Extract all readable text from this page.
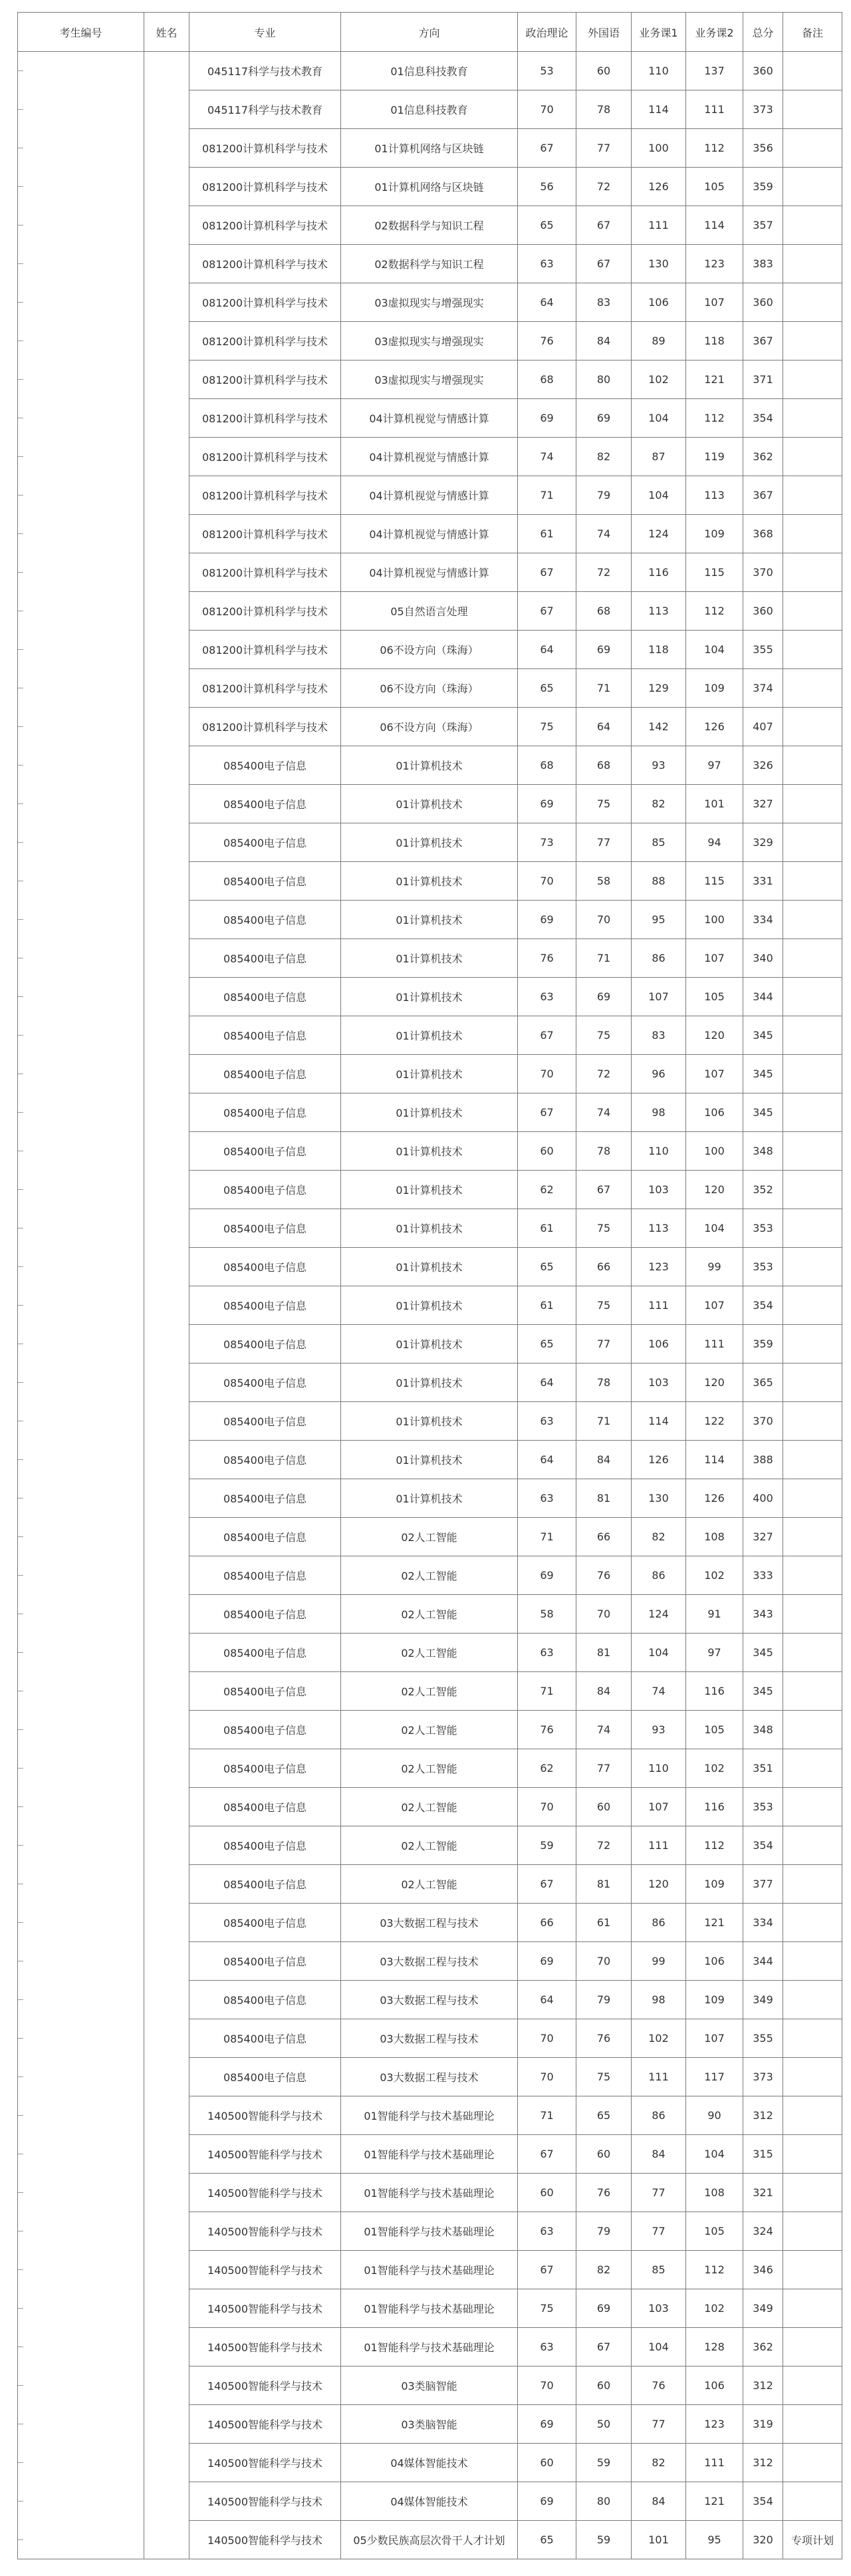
考生编号	姓名	专业	方向	政治理论	外国语	业务课1	业务课2	总分	备注

		045117科学与技术教育	01信息科技教育	53	60	110	137	360	

		045117科学与技术教育	01信息科技教育	70	78	114	111	373	

		081200计算机科学与技术	01计算机网络与区块链	67	77	100	112	356	

		081200计算机科学与技术	01计算机网络与区块链	56	72	126	105	359	

		081200计算机科学与技术	02数据科学与知识工程	65	67	111	114	357	

		081200计算机科学与技术	02数据科学与知识工程	63	67	130	123	383	

		081200计算机科学与技术	03虚拟现实与增强现实	64	83	106	107	360	

		081200计算机科学与技术	03虚拟现实与增强现实	76	84	89	118	367	

		081200计算机科学与技术	03虚拟现实与增强现实	68	80	102	121	371	

		081200计算机科学与技术	04计算机视觉与情感计算	69	69	104	112	354	

		081200计算机科学与技术	04计算机视觉与情感计算	74	82	87	119	362	

		081200计算机科学与技术	04计算机视觉与情感计算	71	79	104	113	367	

		081200计算机科学与技术	04计算机视觉与情感计算	61	74	124	109	368	

		081200计算机科学与技术	04计算机视觉与情感计算	67	72	116	115	370	

		081200计算机科学与技术	05自然语言处理	67	68	113	112	360	

		081200计算机科学与技术	06不设方向（珠海）	64	69	118	104	355	

		081200计算机科学与技术	06不设方向（珠海）	65	71	129	109	374	

		081200计算机科学与技术	06不设方向（珠海）	75	64	142	126	407	

		085400电子信息	01计算机技术	68	68	93	97	326	

		085400电子信息	01计算机技术	69	75	82	101	327	

		085400电子信息	01计算机技术	73	77	85	94	329	

		085400电子信息	01计算机技术	70	58	88	115	331	

		085400电子信息	01计算机技术	69	70	95	100	334	

		085400电子信息	01计算机技术	76	71	86	107	340	

		085400电子信息	01计算机技术	63	69	107	105	344	

		085400电子信息	01计算机技术	67	75	83	120	345	

		085400电子信息	01计算机技术	70	72	96	107	345	

		085400电子信息	01计算机技术	67	74	98	106	345	

		085400电子信息	01计算机技术	60	78	110	100	348	

		085400电子信息	01计算机技术	62	67	103	120	352	

		085400电子信息	01计算机技术	61	75	113	104	353	

		085400电子信息	01计算机技术	65	66	123	99	353	

		085400电子信息	01计算机技术	61	75	111	107	354	

		085400电子信息	01计算机技术	65	77	106	111	359	

		085400电子信息	01计算机技术	64	78	103	120	365	

		085400电子信息	01计算机技术	63	71	114	122	370	

		085400电子信息	01计算机技术	64	84	126	114	388	

		085400电子信息	01计算机技术	63	81	130	126	400	

		085400电子信息	02人工智能	71	66	82	108	327	

		085400电子信息	02人工智能	69	76	86	102	333	

		085400电子信息	02人工智能	58	70	124	91	343	

		085400电子信息	02人工智能	63	81	104	97	345	

		085400电子信息	02人工智能	71	84	74	116	345	

		085400电子信息	02人工智能	76	74	93	105	348	

		085400电子信息	02人工智能	62	77	110	102	351	

		085400电子信息	02人工智能	70	60	107	116	353	

		085400电子信息	02人工智能	59	72	111	112	354	

		085400电子信息	02人工智能	67	81	120	109	377	

		085400电子信息	03大数据工程与技术	66	61	86	121	334	

		085400电子信息	03大数据工程与技术	69	70	99	106	344	

		085400电子信息	03大数据工程与技术	64	79	98	109	349	

		085400电子信息	03大数据工程与技术	70	76	102	107	355	

		085400电子信息	03大数据工程与技术	70	75	111	117	373	

		140500智能科学与技术	01智能科学与技术基础理论	71	65	86	90	312	

		140500智能科学与技术	01智能科学与技术基础理论	67	60	84	104	315	

		140500智能科学与技术	01智能科学与技术基础理论	60	76	77	108	321	

		140500智能科学与技术	01智能科学与技术基础理论	63	79	77	105	324	

		140500智能科学与技术	01智能科学与技术基础理论	67	82	85	112	346	

		140500智能科学与技术	01智能科学与技术基础理论	75	69	103	102	349	

		140500智能科学与技术	01智能科学与技术基础理论	63	67	104	128	362	

		140500智能科学与技术	03类脑智能	70	60	76	106	312	

		140500智能科学与技术	03类脑智能	69	50	77	123	319	

		140500智能科学与技术	04媒体智能技术	60	59	82	111	312	

		140500智能科学与技术	04媒体智能技术	69	80	84	121	354	

		140500智能科学与技术	05少数民族高层次骨干人才计划	65	59	101	95	320	专项计划
